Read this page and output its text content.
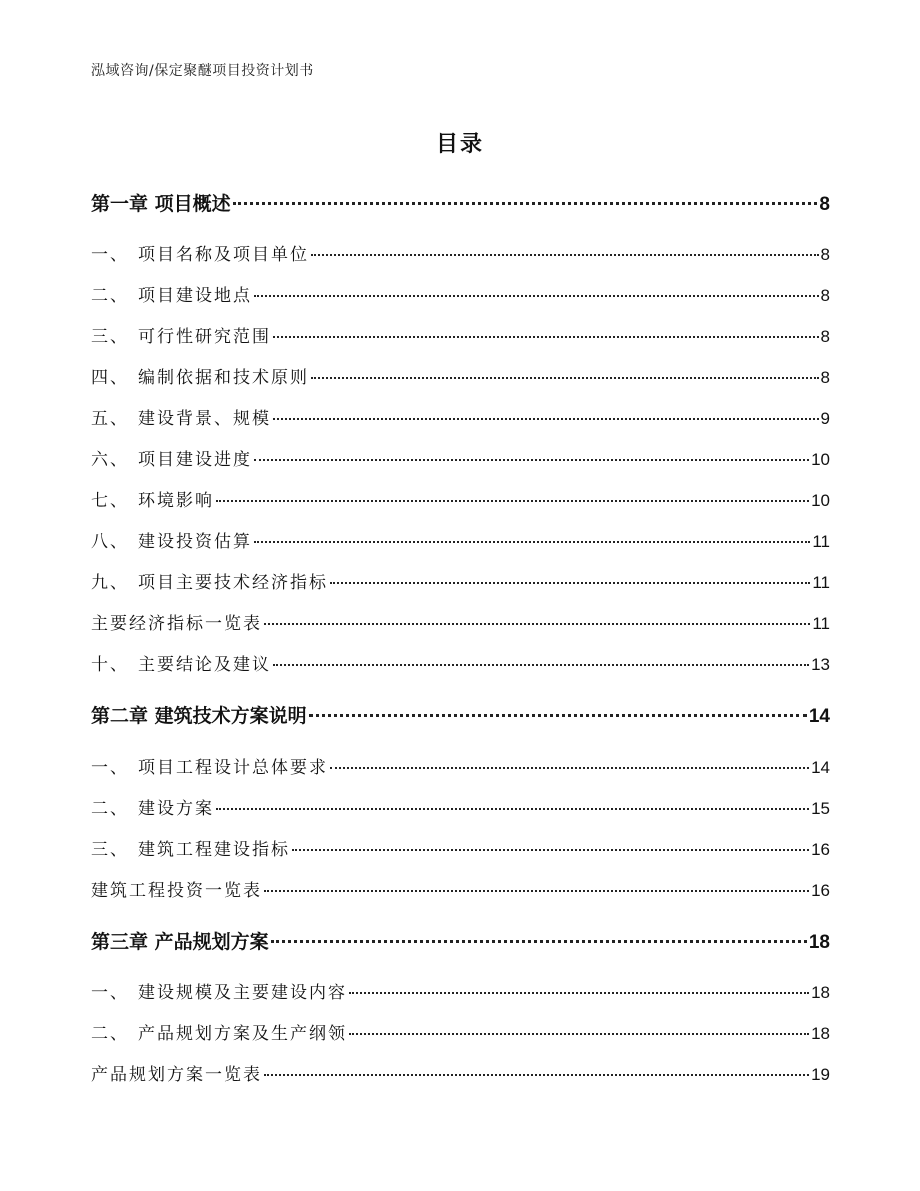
泓域咨询/保定聚醚项目投资计划书
目录
第一章 项目概述	8
一、 项目名称及项目单位	8
二、 项目建设地点	8
三、 可行性研究范围	8
四、 编制依据和技术原则	8
五、 建设背景、规模	9
六、 项目建设进度	10
七、 环境影响	10
八、 建设投资估算	11
九、 项目主要技术经济指标	11
主要经济指标一览表	11
十、 主要结论及建议	13
第二章 建筑技术方案说明	14
一、 项目工程设计总体要求	14
二、 建设方案	15
三、 建筑工程建设指标	16
建筑工程投资一览表	16
第三章 产品规划方案	18
一、 建设规模及主要建设内容	18
二、 产品规划方案及生产纲领	18
产品规划方案一览表	19
